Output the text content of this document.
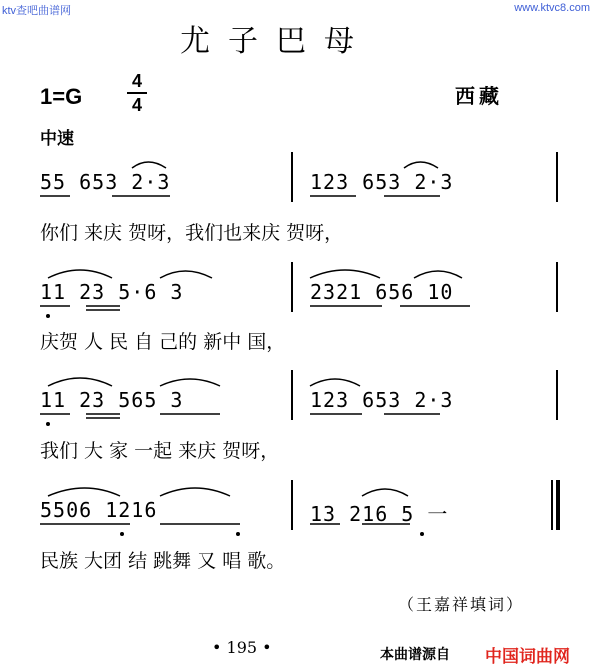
ktv查吧曲谱网	www.ktvc8.com
尤子巴母
1=G
4
4	西藏
中速
55 653 2·3	123 653 2·3
你们 来庆 贺呀，我们也来庆 贺呀，
11 23 5·6 3	2321 656 10
庆贺 人 民 自 己的 新中 国，
11 23 565 3	123 653 2·3
我们 大 家 一起 来庆 贺呀，
5506 1216	13 216 5 一
民族 大团 结 跳舞 又 唱 歌。
（王嘉祥填词）
• 195 •	本曲谱源自 中国词曲网
